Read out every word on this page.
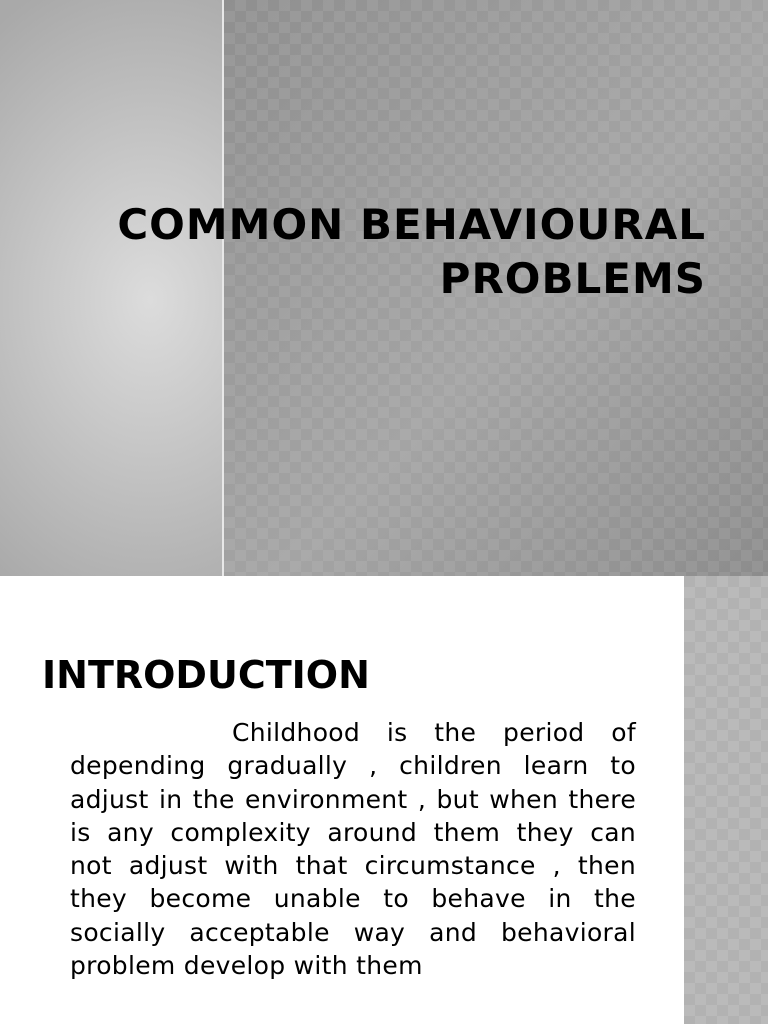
COMMON BEHAVIOURAL PROBLEMS
INTRODUCTION

Childhood is the period of depending gradually , children learn to adjust in the environment , but when there is any complexity around them they can not adjust with that circumstance , then they become unable to behave in the socially acceptable way and behavioral problem develop with them
